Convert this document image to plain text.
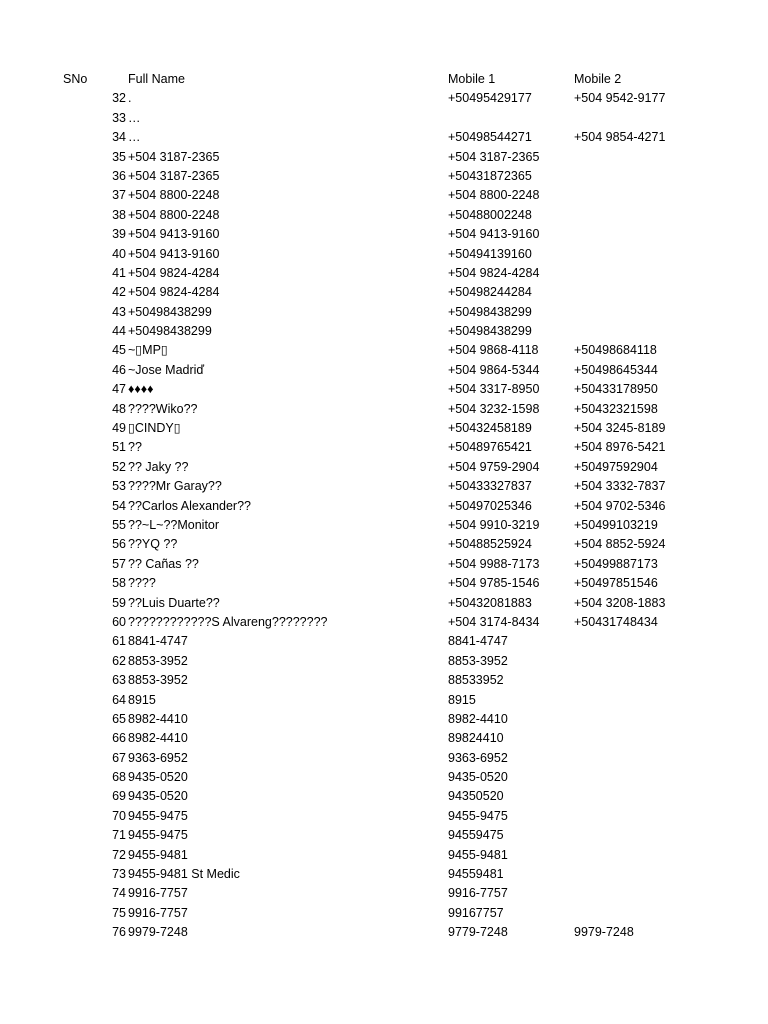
SNo	Full Name	Mobile 1	Mobile 2
32 .	+50495429177	+504 9542-9177
33 …
34 …	+50498544271	+504 9854-4271
35 +504 3187-2365	+504 3187-2365
36 +504 3187-2365	+50431872365
37 +504 8800-2248	+504 8800-2248
38 +504 8800-2248	+50488002248
39 +504 9413-9160	+504 9413-9160
40 +504 9413-9160	+50494139160
41 +504 9824-4284	+504 9824-4284
42 +504 9824-4284	+50498244284
43 +50498438299	+50498438299
44 +50498438299	+50498438299
45 ~▯MP▯	+504 9868-4118	+50498684118
46 ~Jose Madriď	+504 9864-5344	+50498645344
47 ♦♦♦♦	+504 3317-8950	+50433178950
48 ????Wiko??	+504 3232-1598	+50432321598
49 ▯CINDY▯	+50432458189	+504 3245-8189
51 ??	+50489765421	+504 8976-5421
52 ?? Jaky ??	+504 9759-2904	+50497592904
53 ????Mr Garay??	+50433327837	+504 3332-7837
54 ??Carlos Alexander??	+50497025346	+504 9702-5346
55 ??~L~??Monitor	+504 9910-3219	+50499103219
56 ??YQ ??	+50488525924	+504 8852-5924
57 ?? Cañas ??	+504 9988-7173	+50499887173
58 ????	+504 9785-1546	+50497851546
59 ??Luis Duarte??	+50432081883	+504 3208-1883
60 ????????????S Alvareng????????	+504 3174-8434	+50431748434
61 8841-4747	8841-4747
62 8853-3952	8853-3952
63 8853-3952	88533952
64 8915	8915
65 8982-4410	8982-4410
66 8982-4410	89824410
67 9363-6952	9363-6952
68 9435-0520	9435-0520
69 9435-0520	94350520
70 9455-9475	9455-9475
71 9455-9475	94559475
72 9455-9481	9455-9481
73 9455-9481 St Medic	94559481
74 9916-7757	9916-7757
75 9916-7757	99167757
76 9979-7248	9779-7248	9979-7248
